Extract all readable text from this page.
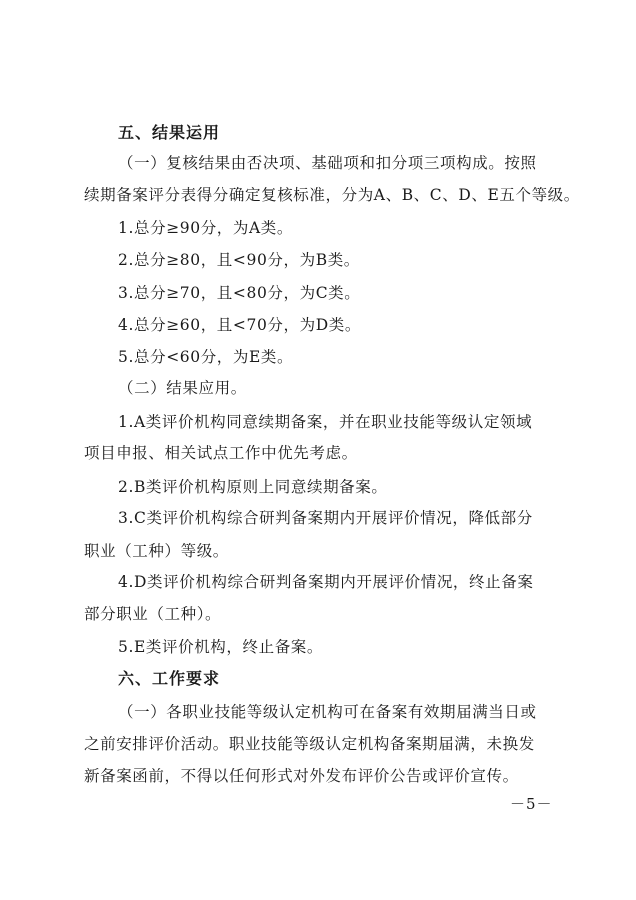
五、结果运用
（一）复核结果由否决项、基础项和扣分项三项构成。按照
续期备案评分表得分确定复核标准，分为A、B、C、D、E五个等级。
1.总分≥90分，为A类。
2.总分≥80，且<90分，为B类。
3.总分≥70，且<80分，为C类。
4.总分≥60，且<70分，为D类。
5.总分<60分，为E类。
（二）结果应用。
1.A类评价机构同意续期备案，并在职业技能等级认定领域
项目申报、相关试点工作中优先考虑。
2.B类评价机构原则上同意续期备案。
3.C类评价机构综合研判备案期内开展评价情况，降低部分
职业（工种）等级。
4.D类评价机构综合研判备案期内开展评价情况，终止备案
部分职业（工种）。
5.E类评价机构，终止备案。
六、工作要求
（一）各职业技能等级认定机构可在备案有效期届满当日或
之前安排评价活动。职业技能等级认定机构备案期届满，未换发
新备案函前，不得以任何形式对外发布评价公告或评价宣传。
－5－
